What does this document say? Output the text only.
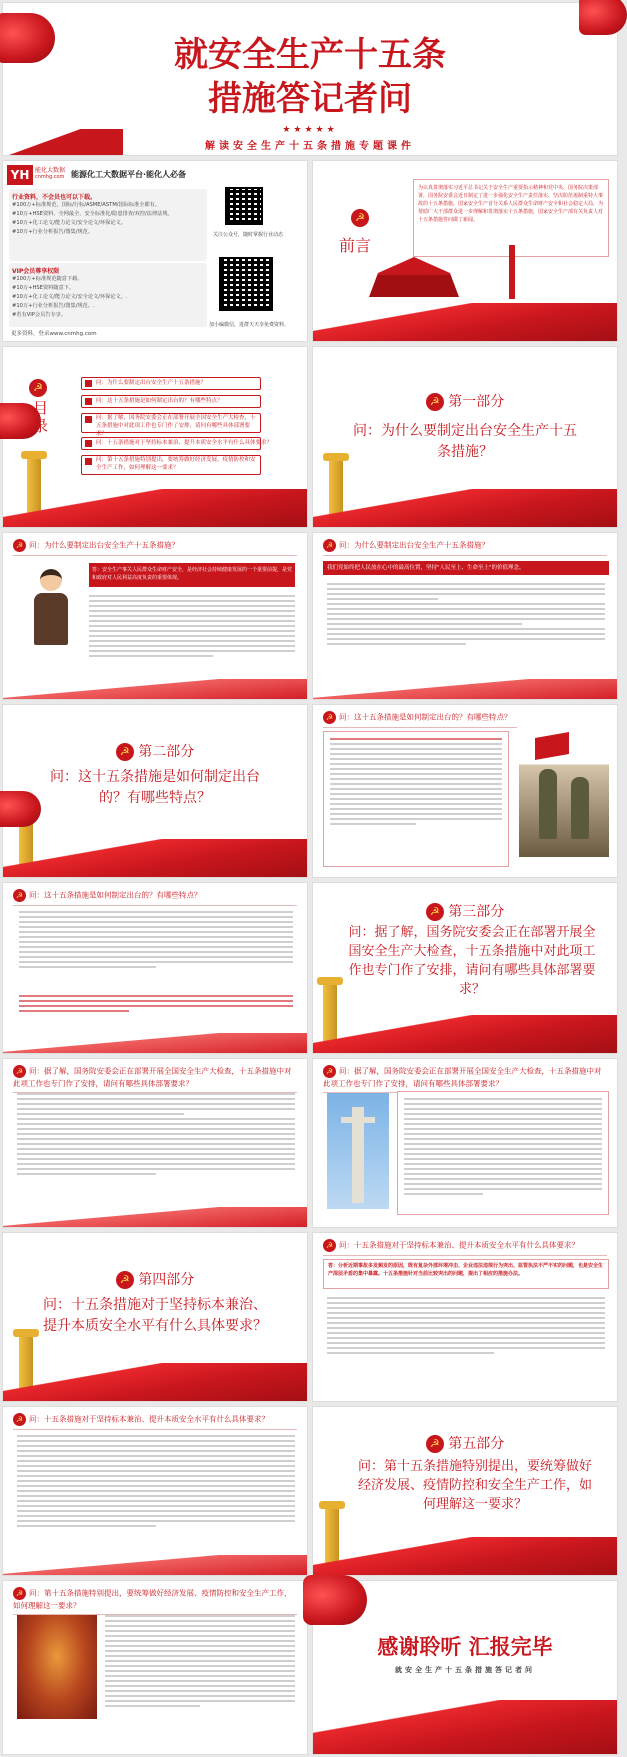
就安全生产十五条
措施答记者问
★★★★★
解读安全生产十五条措施专题课件
YH 能化大数据
cnmhg.com 能源化工大数据平台·能化人必备
行业资料，不会员也可以下载。
#100万+标准规范，国标/行标/ASME/ASTM/国际标准全都有。
#10万+HSE资料，全网最全，安全标准化/隐患排查/双控/法律法规。
#10万+化工论文/能力论文/安全论文/环保论文。
#10万+行业分析报告/图集/规范。
VIP会员尊享权限
#100万+标准规范随意下载。
#10万+HSE资料随意下。
#10万+化工论文/能力论文/安全论文/环保论文。.
#10万+行业分析报告/图集/规范。.
#若有VIP会员告专享。
更多资料，登录www.cnmhg.com
关注公众号，随时掌握行业动态
加小编微信，进群天天享免费资料。
☭
前言
为认真贯彻落实习近平总书记关于安全生产重要指示精神和党中央、国务院决策部署，国务院安委会近日制定了进一步强化安全生产责任落实、坚决防范遏制重特大事故的十五条措施。国家安全生产首分关系人民群众生命财产安全和社会稳定大局，为帮助广大干部群众进一步理解和贯彻落实十五条措施，国家安全生产部有关负责人对十五条措施答问做了新闻。
☭
目录
问：为什么要制定出台安全生产十五条措施？
问：这十五条措施是如何制定出台的？有哪些特点？
问：据了解，国务院安委会正在部署开展全国安全生产大检查，十五条措施中对此项工作也专门作了安排，请问有哪些具体部署要求？
问：十五条措施对于坚持标本兼治、提升本质安全水平有什么具体要求？
问：第十五条措施特别提出，要统筹做好经济发展、疫情防控和安全生产工作，如何理解这一要求？
☭ 第一部分
问：为什么要制定出台安全生产十五条措施？
☭ 问：为什么要制定出台安全生产十五条措施？
答：安全生产事关人民群众生命财产安全，是经济社会持续健康发展的一个重要前提，是党和政府对人民利益高度负责的重要体现。
☭ 问：为什么要制定出台安全生产十五条措施？
我们党始终把人民放在心中的最高位置，坚持"人民至上、生命至上"的价值理念。
☭ 第二部分
问：这十五条措施是如何制定出台的？有哪些特点？
☭ 问：这十五条措施是如何制定出台的？有哪些特点？
☭ 问：这十五条措施是如何制定出台的？有哪些特点？
☭ 第三部分
问：据了解，国务院安委会正在部署开展全国安全生产大检查，十五条措施中对此项工作也专门作了安排，请问有哪些具体部署要求？
☭ 问：据了解，国务院安委会正在部署开展全国安全生产大检查，十五条措施中对此项工作也专门作了安排，请问有哪些具体部署要求？
☭ 问：据了解，国务院安委会正在部署开展全国安全生产大检查，十五条措施中对此项工作也专门作了安排，请问有哪些具体部署要求？
☭ 第四部分
问：十五条措施对于坚持标本兼治、提升本质安全水平有什么具体要求？
☭ 问：十五条措施对于坚持标本兼治、提升本质安全水平有什么具体要求？
答：分析近期事故多发频发的原因，既有复杂外部环境冲击、企业违法违规行为突出、监管执法不严不实的问题，也是安全生产深层矛盾的集中暴露。十五条措施针对当前比较突出的问题，提出了相应的措施办法。
☭ 问：十五条措施对于坚持标本兼治、提升本质安全水平有什么具体要求？
☭ 第五部分
问：第十五条措施特别提出，要统筹做好经济发展、疫情防控和安全生产工作，如何理解这一要求？
☭ 问：第十五条措施特别提出，要统筹做好经济发展、疫情防控和安全生产工作，如何理解这一要求？
感谢聆听 汇报完毕
就安全生产十五条措施答记者问
